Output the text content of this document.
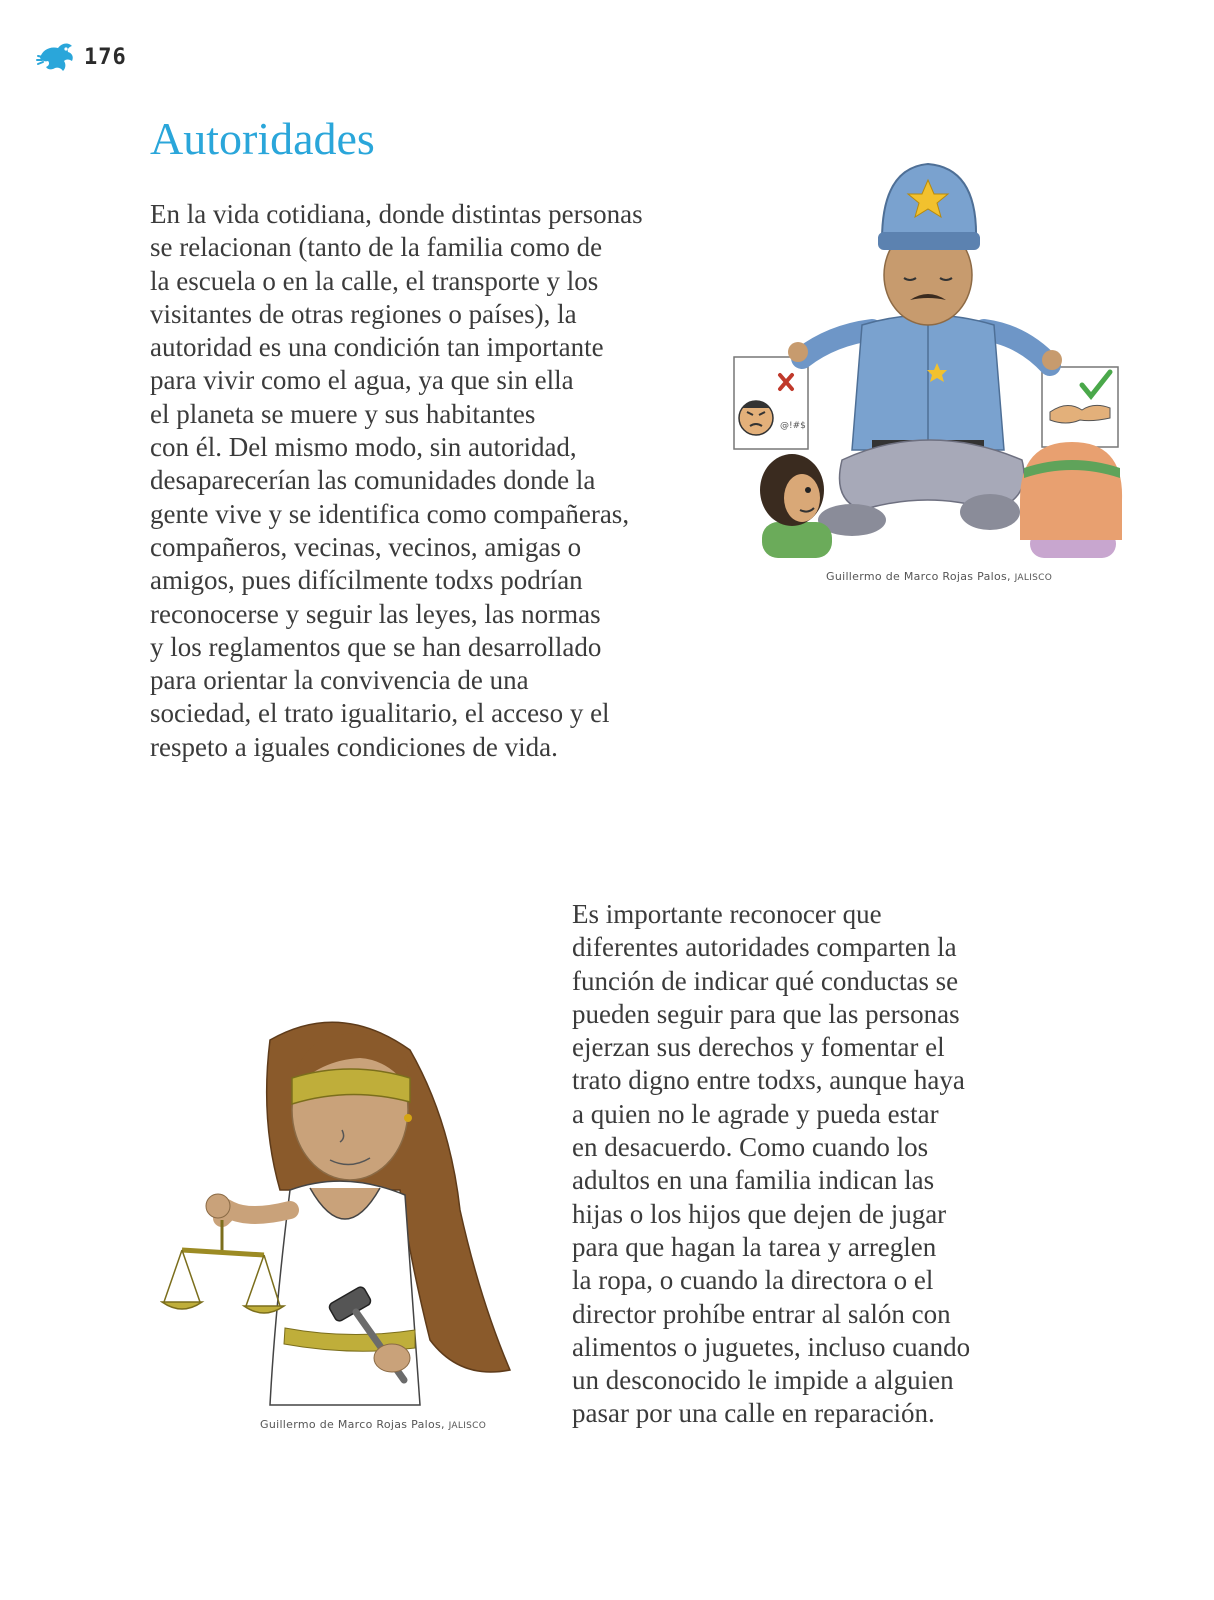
176
Autoridades
En la vida cotidiana, donde distintas personas
se relacionan (tanto de la familia como de
la escuela o en la calle, el transporte y los
visitantes de otras regiones o países), la
autoridad es una condición tan importante
para vivir como el agua, ya que sin ella
el planeta se muere y sus habitantes
con él. Del mismo modo, sin autoridad,
desaparecerían las comunidades donde la
gente vive y se identifica como compañeras,
compañeros, vecinas, vecinos, amigas o
amigos, pues difícilmente todxs podrían
reconocerse y seguir las leyes, las normas
y los reglamentos que se han desarrollado
para orientar la convivencia de una
sociedad, el trato igualitario, el acceso y el
respeto a iguales condiciones de vida.
@!#$
Guillermo de Marco Rojas Palos, JALISCO
Es importante reconocer que
diferentes autoridades comparten la
función de indicar qué conductas se
pueden seguir para que las personas
ejerzan sus derechos y fomentar el
trato digno entre todxs, aunque haya
a quien no le agrade y pueda estar
en desacuerdo. Como cuando los
adultos en una familia indican las
hijas o los hijos que dejen de jugar
para que hagan la tarea y arreglen
la ropa, o cuando la directora o el
director prohíbe entrar al salón con
alimentos o juguetes, incluso cuando
un desconocido le impide a alguien
pasar por una calle en reparación.
Guillermo de Marco Rojas Palos, JALISCO
